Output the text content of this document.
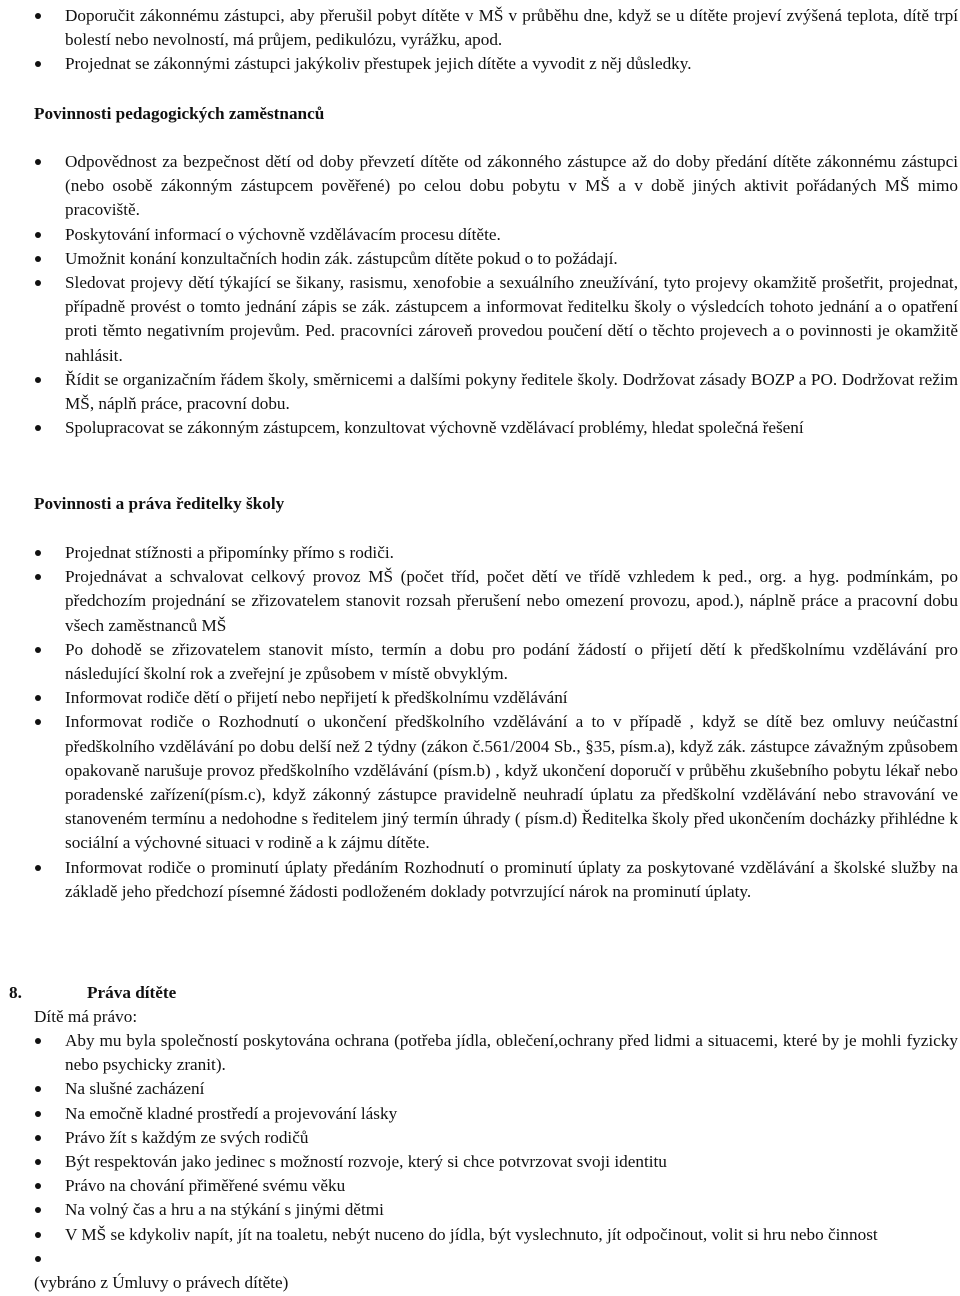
Doporučit zákonnému zástupci, aby přerušil pobyt dítěte v MŠ v průběhu dne, když se u dítěte projeví zvýšená teplota, dítě trpí bolestí nebo nevolností, má průjem, pedikulózu, vyrážku, apod.
Projednat se zákonnými zástupci jakýkoliv přestupek jejich dítěte a vyvodit z něj důsledky.
Povinnosti pedagogických zaměstnanců
Odpovědnost za bezpečnost dětí od doby převzetí dítěte od zákonného zástupce až do doby předání dítěte zákonnému zástupci (nebo osobě zákonným zástupcem pověřené) po celou dobu pobytu v MŠ a v době jiných aktivit pořádaných MŠ mimo pracoviště.
Poskytování informací o výchovně vzdělávacím procesu dítěte.
Umožnit konání konzultačních hodin zák. zástupcům dítěte pokud o to požádají.
Sledovat projevy dětí týkající se šikany, rasismu, xenofobie a sexuálního zneužívání, tyto projevy okamžitě prošetřit, projednat, případně provést o tomto jednání zápis se zák. zástupcem a informovat ředitelku školy o výsledcích tohoto jednání a o opatření proti těmto negativním projevům. Ped. pracovníci zároveň provedou poučení dětí o těchto projevech a o povinnosti je okamžitě nahlásit.
Řídit se organizačním řádem školy, směrnicemi a dalšími pokyny ředitele školy. Dodržovat zásady BOZP a PO. Dodržovat režim MŠ, náplň práce, pracovní dobu.
Spolupracovat se zákonným zástupcem, konzultovat výchovně vzdělávací problémy, hledat společná řešení
Povinnosti a práva ředitelky školy
Projednat stížnosti a připomínky přímo s rodiči.
Projednávat a schvalovat celkový provoz MŠ (počet tříd, počet dětí ve třídě vzhledem k ped., org. a hyg. podmínkám, po předchozím projednání se zřizovatelem stanovit rozsah přerušení nebo omezení provozu, apod.), náplně práce a pracovní dobu všech zaměstnanců MŠ
Po dohodě se zřizovatelem stanovit místo, termín a dobu pro podání žádostí o přijetí dětí k předškolnímu vzdělávání pro následující školní rok a zveřejní je způsobem v místě obvyklým.
Informovat rodiče dětí o přijetí nebo nepřijetí k předškolnímu vzdělávání
Informovat rodiče o Rozhodnutí o ukončení předškolního vzdělávání a to v případě , když se dítě bez omluvy neúčastní předškolního vzdělávání po dobu delší než 2 týdny (zákon č.561/2004 Sb., §35, písm.a), když zák. zástupce závažným způsobem opakovaně narušuje provoz předškolního vzdělávání (písm.b) , když ukončení doporučí v průběhu zkušebního pobytu lékař nebo poradenské zařízení(písm.c), když zákonný zástupce pravidelně neuhradí úplatu za předškolní vzdělávání nebo stravování ve stanoveném termínu a nedohodne s ředitelem jiný termín úhrady ( písm.d) Ředitelka školy před ukončením docházky přihlédne k sociální a výchovné situaci v rodině a k zájmu dítěte.
Informovat rodiče o prominutí úplaty předáním Rozhodnutí o prominutí úplaty za poskytované vzdělávání a školské služby na základě jeho předchozí písemné žádosti podloženém doklady potvrzující nárok na prominutí úplaty.
8.	Práva dítěte
Dítě má právo:
Aby mu byla společností poskytována ochrana (potřeba jídla, oblečení,ochrany před lidmi a situacemi, které by je mohli fyzicky nebo psychicky zranit).
Na slušné zacházení
Na emočně kladné prostředí a projevování lásky
Právo žít s každým ze svých rodičů
Být respektován jako jedinec s možností rozvoje, který si chce potvrzovat svoji identitu
Právo na chování přiměřené svému věku
Na volný čas a hru a na stýkání s jinými dětmi
V MŠ se kdykoliv napít, jít na toaletu, nebýt nuceno do jídla, být vyslechnuto, jít odpočinout, volit si hru nebo činnost
(vybráno z Úmluvy o právech dítěte)
